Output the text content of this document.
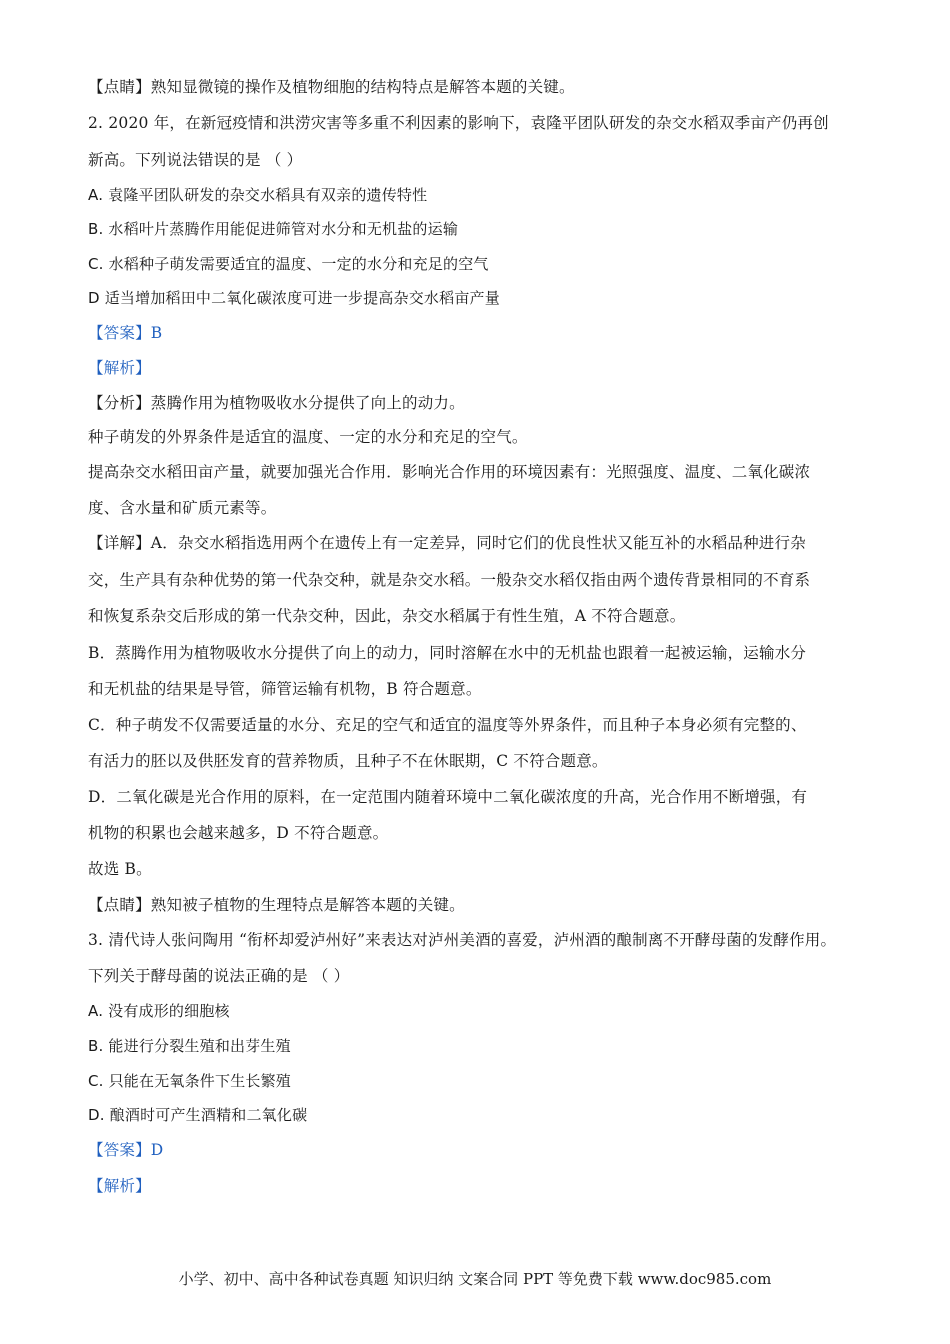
【点睛】熟知显微镜的操作及植物细胞的结构特点是解答本题的关键。
2. 2020 年，在新冠疫情和洪涝灾害等多重不利因素的影响下，袁隆平团队研发的杂交水稻双季亩产仍再创
新高。下列说法错误的是 （ ）
A. 袁隆平团队研发的杂交水稻具有双亲的遗传特性
B. 水稻叶片蒸腾作用能促进筛管对水分和无机盐的运输
C. 水稻种子萌发需要适宜的温度、一定的水分和充足的空气
D 适当增加稻田中二氧化碳浓度可进一步提高杂交水稻亩产量
【答案】B
【解析】
【分析】蒸腾作用为植物吸收水分提供了向上的动力。
种子萌发的外界条件是适宜的温度、一定的水分和充足的空气。
提高杂交水稻田亩产量，就要加强光合作用．影响光合作用的环境因素有：光照强度、温度、二氧化碳浓
度、含水量和矿质元素等。
【详解】A．杂交水稻指选用两个在遗传上有一定差异，同时它们的优良性状又能互补的水稻品种进行杂
交，生产具有杂种优势的第一代杂交种，就是杂交水稻。一般杂交水稻仅指由两个遗传背景相同的不育系
和恢复系杂交后形成的第一代杂交种，因此，杂交水稻属于有性生殖，A 不符合题意。
B．蒸腾作用为植物吸收水分提供了向上的动力，同时溶解在水中的无机盐也跟着一起被运输，运输水分
和无机盐的结果是导管，筛管运输有机物，B 符合题意。
C．种子萌发不仅需要适量的水分、充足的空气和适宜的温度等外界条件，而且种子本身必须有完整的、
有活力的胚以及供胚发育的营养物质，且种子不在休眠期，C 不符合题意。
D．二氧化碳是光合作用的原料，在一定范围内随着环境中二氧化碳浓度的升高，光合作用不断增强，有
机物的积累也会越来越多，D 不符合题意。
故选 B。
【点睛】熟知被子植物的生理特点是解答本题的关键。
3. 清代诗人张问陶用 “衔杯却爱泸州好”来表达对泸州美酒的喜爱，泸州酒的酿制离不开酵母菌的发酵作用。
下列关于酵母菌的说法正确的是 （ ）
A. 没有成形的细胞核
B. 能进行分裂生殖和出芽生殖
C. 只能在无氧条件下生长繁殖
D. 酿酒时可产生酒精和二氧化碳
【答案】D
【解析】
小学、初中、高中各种试卷真题 知识归纳 文案合同 PPT 等免费下载 www.doc985.com
